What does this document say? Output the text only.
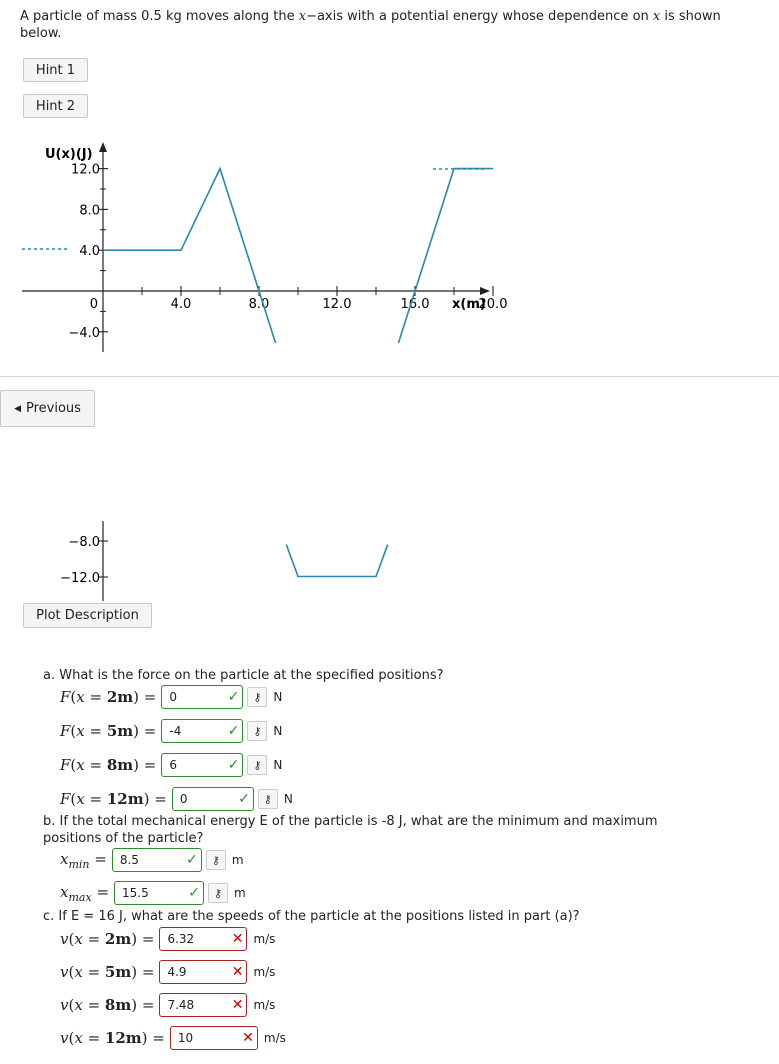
A particle of mass 0.5 kg moves along the x−axis with a potential energy whose dependence on x is shown below.
Hint 1
Hint 2
U(x)(J)
x(m)
12.0
8.0
4.0
−4.0
0	4.0	8.0	12.0	16.0	20.0
◀ Previous
−8.0
−12.0
Plot Description
a. What is the force on the particle at the specified positions?
F(x = 2m) = 0	✓	⚷ N
F(x = 5m) = -4	✓	⚷ N
F(x = 8m) = 6	✓	⚷ N
F(x = 12m) = 0	✓	⚷ N
b. If the total mechanical energy E of the particle is -8 J, what are the minimum and maximum positions of the particle?
$x_{min} = 8.5$	✓	⚷ m
$x_{max} = 15.5$	✓	⚷ m
c. If E = 16 J, what are the speeds of the particle at the positions listed in part (a)?
v(x = 2m) = 6.32	✕ m/s
v(x = 5m) = 4.9	✕ m/s
v(x = 8m) = 7.48	✕ m/s
v(x = 12m) = 10	✕ m/s
